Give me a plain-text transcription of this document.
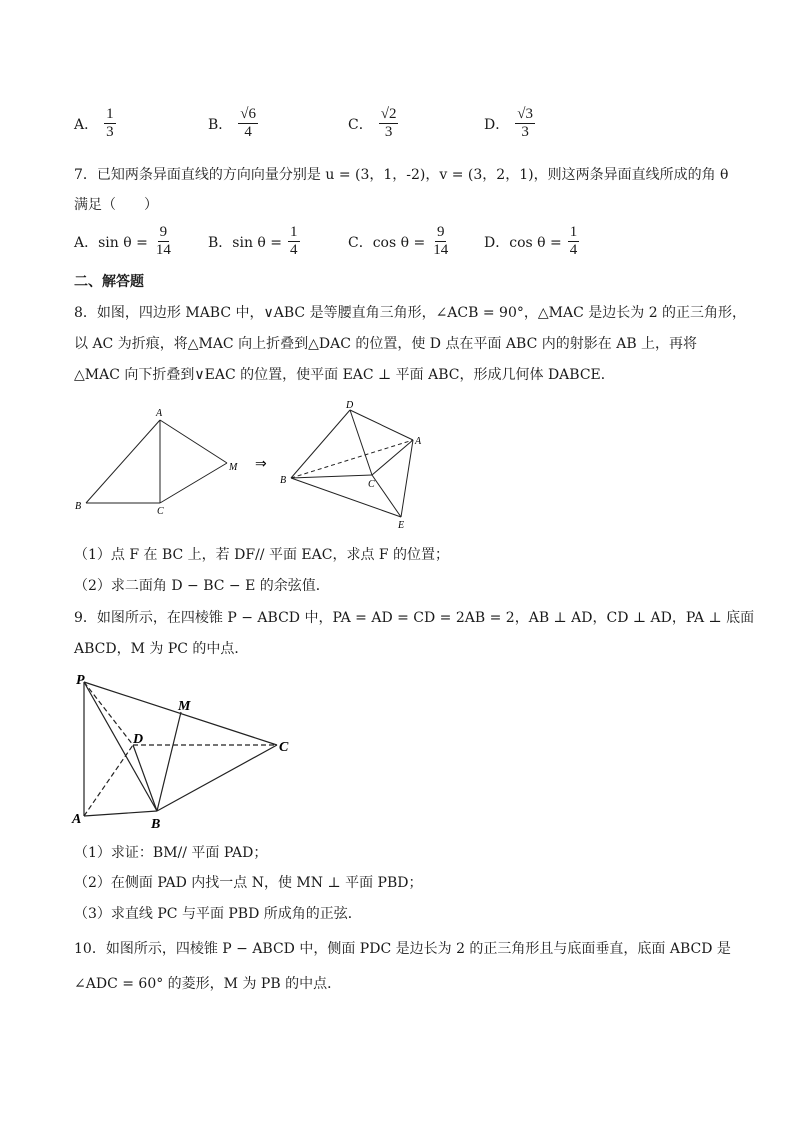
A． $\frac{1}{3}$	B． $\frac{√6}{4}$	C． $\frac{√2}{3}$	D． $\frac{√3}{3}$
7．已知两条异面直线的方向向量分别是 u = (3，1，-2)，v = (3，2，1)，则这两条异面直线所成的角 θ
满足（　　）
A．$\sin \theta = \frac{9}{14}$	B．$\sin \theta = \frac{1}{4}$	C．$\cos \theta = \frac{9}{14}$ D．$\cos \theta = \frac{1}{4}$
二、解答题
8．如图，四边形 MABC 中，∨ABC 是等腰直角三角形，∠ACB = 90°，△MAC 是边长为 2 的正三角形，
以 AC 为折痕，将△MAC 向上折叠到△DAC 的位置，使 D 点在平面 ABC 内的射影在 AB 上，再将
△MAC 向下折叠到∨EAC 的位置，使平面 EAC ⊥ 平面 ABC，形成几何体 DABCE．
A
B	C
M ⇒
D
A
B	C
E
（1）点 F 在 BC 上，若 DF// 平面 EAC，求点 F 的位置；
（2）求二面角 D − BC − E 的余弦值．
9．如图所示，在四棱锥 P − ABCD 中，PA = AD = CD = 2AB = 2，AB ⊥ AD，CD ⊥ AD，PA ⊥ 底面
ABCD，M 为 PC 的中点．
P
M
D
C
A	B
（1）求证：BM// 平面 PAD；
（2）在侧面 PAD 内找一点 N，使 MN ⊥ 平面 PBD；
（3）求直线 PC 与平面 PBD 所成角的正弦．
10．如图所示，四棱锥 P − ABCD 中，侧面 PDC 是边长为 2 的正三角形且与底面垂直，底面 ABCD 是
∠ADC = 60° 的菱形，M 为 PB 的中点．
